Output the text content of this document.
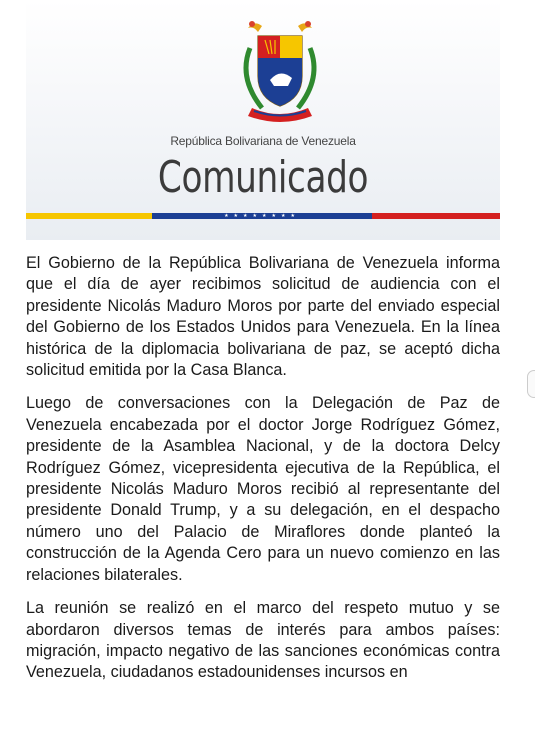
República Bolivariana de Venezuela
Comunicado
★★★★★★★★

El Gobierno de la República Bolivariana de Venezuela informa que el día de ayer recibimos solicitud de audiencia con el presidente Nicolás Maduro Moros por parte del enviado especial del Gobierno de los Estados Unidos para Venezuela. En la línea histórica de la diplomacia bolivariana de paz, se aceptó dicha solicitud emitida por la Casa Blanca.

Luego de conversaciones con la Delegación de Paz de Venezuela encabezada por el doctor Jorge Rodríguez Gómez, presidente de la Asamblea Nacional, y de la doctora Delcy Rodríguez Gómez, vicepresidenta ejecutiva de la República, el presidente Nicolás Maduro Moros recibió al representante del presidente Donald Trump, y a su delegación, en el despacho número uno del Palacio de Miraflores donde planteó la construcción de la Agenda Cero para un nuevo comienzo en las relaciones bilaterales.

La reunión se realizó en el marco del respeto mutuo y se abordaron diversos temas de interés para ambos países: migración, impacto negativo de las sanciones económicas contra Venezuela, ciudadanos estadounidenses incursos en
